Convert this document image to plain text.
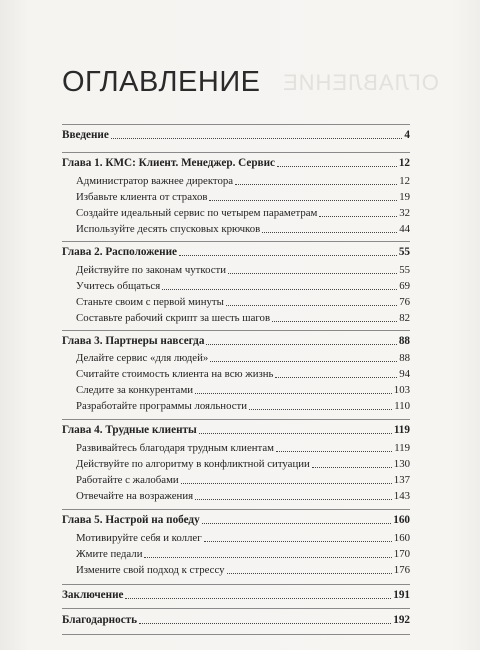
ОГЛАВЛЕНИЕ
ОГЛАВЛЕНИЕ
Введение	4
Глава 1. КМС: Клиент. Менеджер. Сервис	12
Администратор важнее директора	12
Избавьте клиента от страхов	19
Создайте идеальный сервис по четырем параметрам	32
Используйте десять спусковых крючков	44
Глава 2. Расположение	55
Действуйте по законам чуткости	55
Учитесь общаться	69
Станьте своим с первой минуты	76
Составьте рабочий скрипт за шесть шагов	82
Глава 3. Партнеры навсегда	88
Делайте сервис «для людей»	88
Считайте стоимость клиента на всю жизнь	94
Следите за конкурентами	103
Разработайте программы лояльности	110
Глава 4. Трудные клиенты	119
Развивайтесь благодаря трудным клиентам	119
Действуйте по алгоритму в конфликтной ситуации	130
Работайте с жалобами	137
Отвечайте на возражения	143
Глава 5. Настрой на победу	160
Мотивируйте себя и коллег	160
Жмите педали	170
Измените свой подход к стрессу	176
Заключение	191
Благодарность	192
